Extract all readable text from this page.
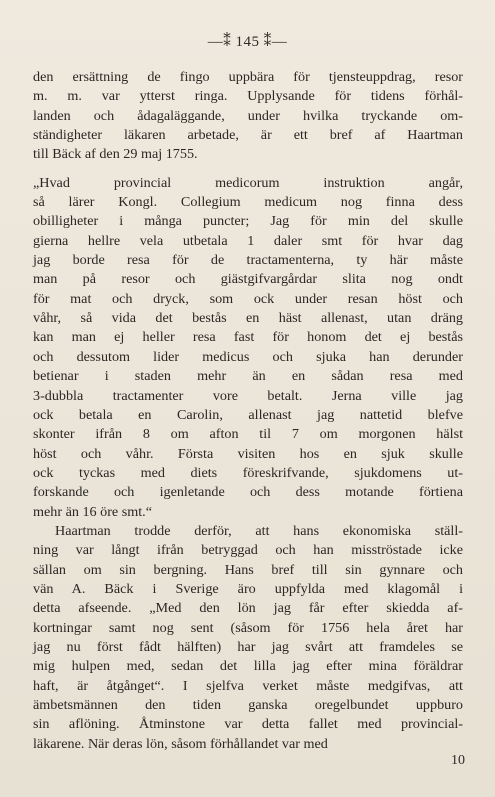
—⁑ 145 ⁑—
den ersättning de fingo uppbära för tjensteuppdrag, resor
m. m. var ytterst ringa. Upplysande för tidens förhål-
landen och ådagaläggande, under hvilka tryckande om-
ständigheter läkaren arbetade, är ett bref af Haartman
till Bäck af den 29 maj 1755.
„Hvad provincial medicorum instruktion angår,
så lärer Kongl. Collegium medicum nog finna dess
obilligheter i många puncter; Jag för min del skulle
gierna hellre vela utbetala 1 daler smt för hvar dag
jag borde resa för de tractamenterna, ty här måste
man på resor och giästgifvargårdar slita nog ondt
för mat och dryck, som ock under resan höst och
våhr, så vida det bestås en häst allenast, utan dräng
kan man ej heller resa fast för honom det ej bestås
och dessutom lider medicus och sjuka han derunder
betienar i staden mehr än en sådan resa med
3-dubbla tractamenter vore betalt. Jerna ville jag
ock betala en Carolin, allenast jag nattetid blefve
skonter ifrån 8 om afton til 7 om morgonen hälst
höst och våhr. Första visiten hos en sjuk skulle
ock tyckas med diets föreskrifvande, sjukdomens ut-
forskande och igenletande och dess motande förtiena
mehr än 16 öre smt.“
Haartman trodde derför, att hans ekonomiska ställ-
ning var långt ifrån betryggad och han misströstade icke
sällan om sin bergning. Hans bref till sin gynnare och
vän A. Bäck i Sverige äro uppfylda med klagomål i
detta afseende. „Med den lön jag får efter skiedda af-
kortningar samt nog sent (såsom för 1756 hela året har
jag nu först fådt hälften) har jag svårt att framdeles se
mig hulpen med, sedan det lilla jag efter mina föräldrar
haft, är åtgånget“. I sjelfva verket måste medgifvas, att
ämbetsmännen den tiden ganska oregelbundet uppburo
sin aflöning. Åtminstone var detta fallet med provincial-
läkarene. När deras lön, såsom förhållandet var med
10
